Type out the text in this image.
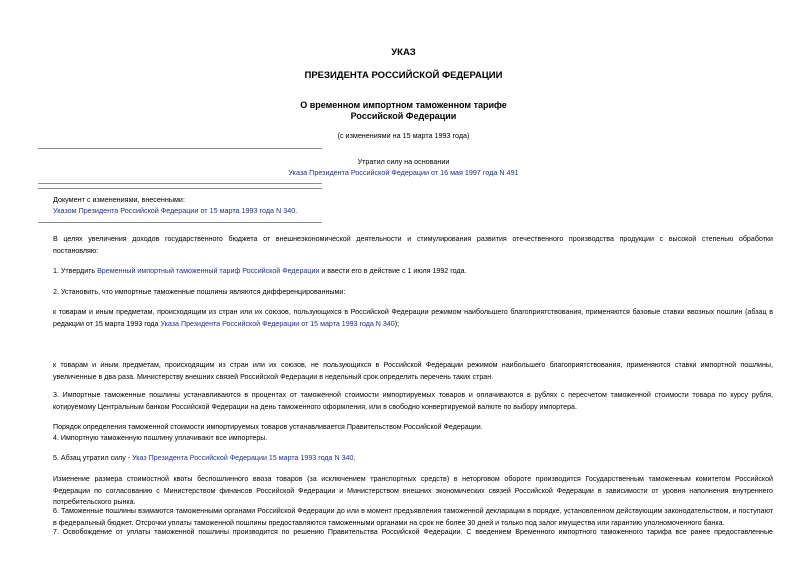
УКАЗ
ПРЕЗИДЕНТА РОССИЙСКОЙ ФЕДЕРАЦИИ
О временном импортном таможенном тарифе
Российской Федерации
(с изменениями на 15 марта 1993 года)
Утратил силу на основании
Указа Президента Российской Федерации от 16 мая 1997 года N 491
Документ с изменениями, внесенными:
Указом Президента Российской Федерации от 15 марта 1993 года N 340.
В целях увеличения доходов государственного бюджета от внешнеэкономической деятельности и стимулирования развития отечественного производства продукции с высокой степенью обработки
постановляю:
1. Утвердить Временный импортный таможенный тариф Российской Федерации и ввести его в действие с 1 июля 1992 года.
2. Установить, что импортные таможенные пошлины являются дифференцированными:
к товарам и иным предметам, происходящим из стран или их союзов, пользующихся в Российской Федерации режимом наибольшего благоприятствования, применяются базовые ставки ввозных пошлин (абзац в
редакции от 15 марта 1993 года Указа Президента Российской Федерации от 15 марта 1993 года N 340);
к товарам и иным предметам, происходящим из стран или их союзов, не пользующихся в Российской Федерации режимом наибольшего благоприятствования, применяются ставки импортной пошлины,
увеличенные в два раза. Министерству внешних связей Российской Федерации в недельный срок определить перечень таких стран.
3. Импортные таможенные пошлины устанавливаются в процентах от таможенной стоимости импортируемых товаров и оплачиваются в рублях с пересчетом таможенной стоимости товара по курсу рубля,
котируемому Центральным банком Российской Федерации на день таможенного оформления, или в свободно конвертируемой валюте по выбору импортера.
Порядок определения таможенной стоимости импортируемых товаров устанавливается Правительством Российской Федерации.
4. Импортную таможенную пошлину уплачивают все импортеры.
5. Абзац утратил силу - Указ Президента Российской Федерации 15 марта 1993 года N 340.
Изменение размера стоимостной квоты беспошлинного ввоза товаров (за исключением транспортных средств) в неторговом обороте производится Государственным таможенным комитетом Российской
Федерации по согласованию с Министерством финансов Российской Федерации и Министерством внешних экономических связей Российской Федерации в зависимости от уровня наполнения внутреннего
потребительского рынка.
6. Таможенные пошлины взимаются таможенными органами Российской Федерации до или в момент предъявления таможенной декларации в порядке, установленном действующим законодательством, и поступают
в федеральный бюджет. Отсрочки уплаты таможенной пошлины предоставляются таможенными органами на срок не более 30 дней и только под залог имущества или гарантию уполномоченного банка.
7. Освобождение от уплаты таможенной пошлины производится по решению Правительства Российской Федерации. С введением Временного импортного таможенного тарифа все ранее предоставленные
